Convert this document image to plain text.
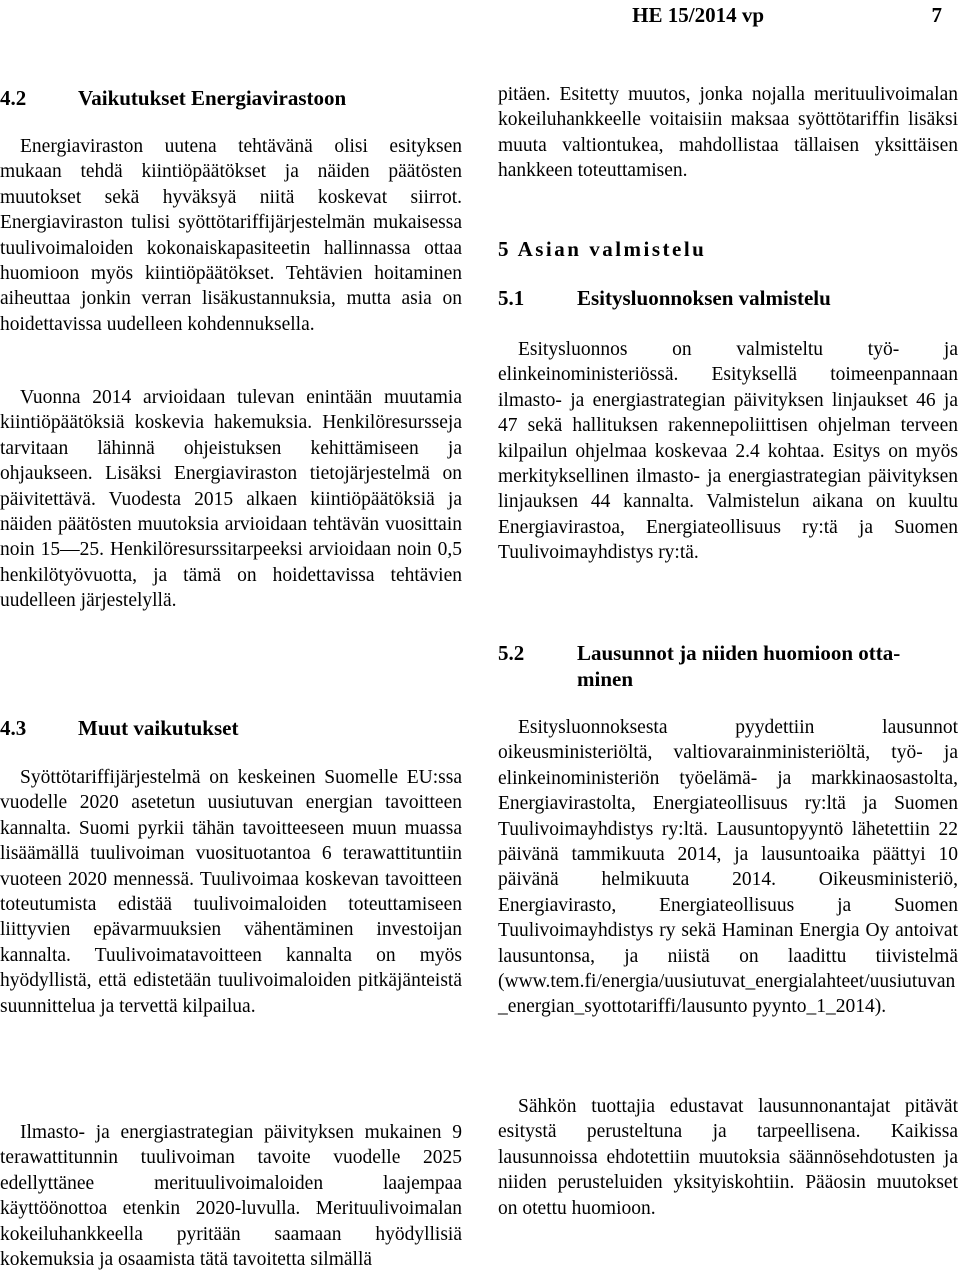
HE 15/2014 vp	7
4.2 Vaikutukset Energiavirastoon

Energiaviraston uutena tehtävänä olisi esityksen mukaan tehdä kiintiöpäätökset ja näiden päätösten muutokset sekä hyväksyä niitä koskevat siirrot. Energiaviraston tulisi syöttötariffijärjestelmän mukaisessa tuulivoimaloiden kokonaiskapasiteetin hallinnassa ottaa huomioon myös kiintiöpäätökset. Tehtävien hoitaminen aiheuttaa jonkin verran lisäkustannuksia, mutta asia on hoidettavissa uudelleen kohdennuksella.

Vuonna 2014 arvioidaan tulevan enintään muutamia kiintiöpäätöksiä koskevia hakemuksia. Henkilöresursseja tarvitaan lähinnä ohjeistuksen kehittämiseen ja ohjaukseen. Lisäksi Energiaviraston tietojärjestelmä on päivitettävä. Vuodesta 2015 alkaen kiintiöpäätöksiä ja näiden päätösten muutoksia arvioidaan tehtävän vuosittain noin 15—25. Henkilöresurssitarpeeksi arvioidaan noin 0,5 henkilötyövuotta, ja tämä on hoidettavissa tehtävien uudelleen järjestelyllä.

4.3 Muut vaikutukset

Syöttötariffijärjestelmä on keskeinen Suomelle EU:ssa vuodelle 2020 asetetun uusiutuvan energian tavoitteen kannalta. Suomi pyrkii tähän tavoitteeseen muun muassa lisäämällä tuulivoiman vuosituotantoa 6 terawattituntiin vuoteen 2020 mennessä. Tuulivoimaa koskevan tavoitteen toteutumista edistää tuulivoimaloiden toteuttamiseen liittyvien epävarmuuksien vähentäminen investoijan kannalta. Tuulivoimatavoitteen kannalta on myös hyödyllistä, että edistetään tuulivoimaloiden pitkäjänteistä suunnittelua ja tervettä kilpailua.

Ilmasto- ja energiastrategian päivityksen mukainen 9 terawattitunnin tuulivoiman tavoite vuodelle 2025 edellyttänee merituulivoimaloiden laajempaa käyttöönottoa etenkin 2020-luvulla. Merituulivoimalan kokeiluhankkeella pyritään saamaan hyödyllisiä kokemuksia ja osaamista tätä tavoitetta silmällä

pitäen. Esitetty muutos, jonka nojalla merituulivoimalan kokeiluhankkeelle voitaisiin maksaa syöttötariffin lisäksi muuta valtiontukea, mahdollistaa tällaisen yksittäisen hankkeen toteuttamisen.

5 Asian valmistelu
5.1	Esitysluonnoksen valmistelu

Esitysluonnos on valmisteltu työ- ja elinkeinoministeriössä. Esityksellä toimeenpannaan ilmasto- ja energiastrategian päivityksen linjaukset 46 ja 47 sekä hallituksen rakennepoliittisen ohjelman terveen kilpailun ohjelmaa koskevaa 2.4 kohtaa. Esitys on myös merkityksellinen ilmasto- ja energiastrategian päivityksen linjauksen 44 kannalta. Valmistelun aikana on kuultu Energiavirastoa, Energiateollisuus ry:tä ja Suomen Tuulivoimayhdistys ry:tä.

5.2	Lausunnot ja niiden huomioon otta-
minen

Esitysluonnoksesta pyydettiin lausunnot oikeusministeriöltä, valtiovarainministeriöltä, työ- ja elinkeinoministeriön työelämä- ja markkinaosastolta, Energiavirastolta, Energiateollisuus ry:ltä ja Suomen Tuulivoimayhdistys ry:ltä. Lausuntopyyntö lähetettiin 22 päivänä tammikuuta 2014, ja lausuntoaika päättyi 10 päivänä helmikuuta 2014. Oikeusministeriö, Energiavirasto, Energiateollisuus ja Suomen Tuulivoimayhdistys ry sekä Haminan Energia Oy antoivat lausuntonsa, ja niistä on laadittu tiivistelmä (www.tem.fi/energia/uusiutuvat_energialahteet/uusiutuvan_energian_syottotariffi/lausunto pyynto_1_2014).

Sähkön tuottajia edustavat lausunnonantajat pitävät esitystä perusteltuna ja tarpeellisena. Kaikissa lausunnoissa ehdotettiin muutoksia säännösehdotusten ja niiden perusteluiden yksityiskohtiin. Pääosin muutokset on otettu huomioon.
